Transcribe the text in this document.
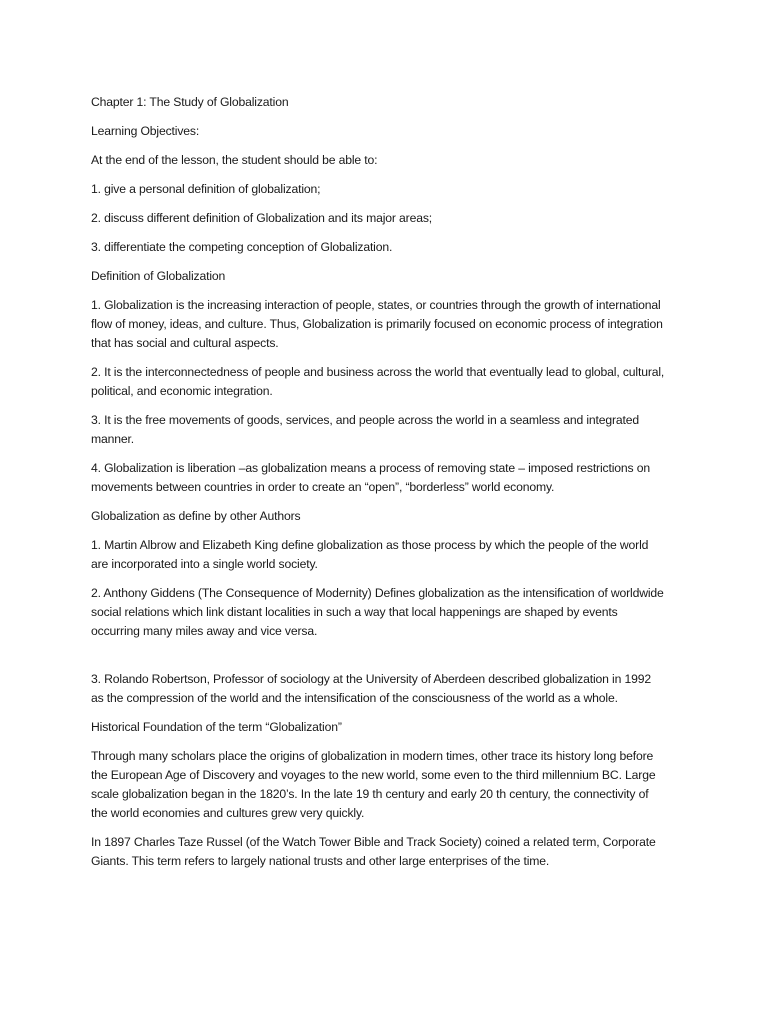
Chapter 1: The Study of Globalization

Learning Objectives:

At the end of the lesson, the student should be able to:

1. give a personal definition of globalization;

2. discuss different definition of Globalization and its major areas;

3. differentiate the competing conception of Globalization.

Definition of Globalization

1. Globalization is the increasing interaction of people, states, or countries through the growth of international flow of money, ideas, and culture. Thus, Globalization is primarily focused on economic process of integration that has social and cultural aspects.

2. It is the interconnectedness of people and business across the world that eventually lead to global, cultural, political, and economic integration.

3. It is the free movements of goods, services, and people across the world in a seamless and integrated manner.

4. Globalization is liberation –as globalization means a process of removing state – imposed restrictions on movements between countries in order to create an “open”, “borderless” world economy.

Globalization as define by other Authors

1. Martin Albrow and Elizabeth King define globalization as those process by which the people of the world are incorporated into a single world society.

2. Anthony Giddens (The Consequence of Modernity) Defines globalization as the intensification of worldwide social relations which link distant localities in such a way that local happenings are shaped by events occurring many miles away and vice versa.

3. Rolando Robertson, Professor of sociology at the University of Aberdeen described globalization in 1992 as the compression of the world and the intensification of the consciousness of the world as a whole.

Historical Foundation of the term “Globalization”

Through many scholars place the origins of globalization in modern times, other trace its history long before the European Age of Discovery and voyages to the new world, some even to the third millennium BC. Large scale globalization began in the 1820’s. In the late 19 th century and early 20 th century, the connectivity of the world economies and cultures grew very quickly.

In 1897 Charles Taze Russel (of the Watch Tower Bible and Track Society) coined a related term, Corporate Giants. This term refers to largely national trusts and other large enterprises of the time.
